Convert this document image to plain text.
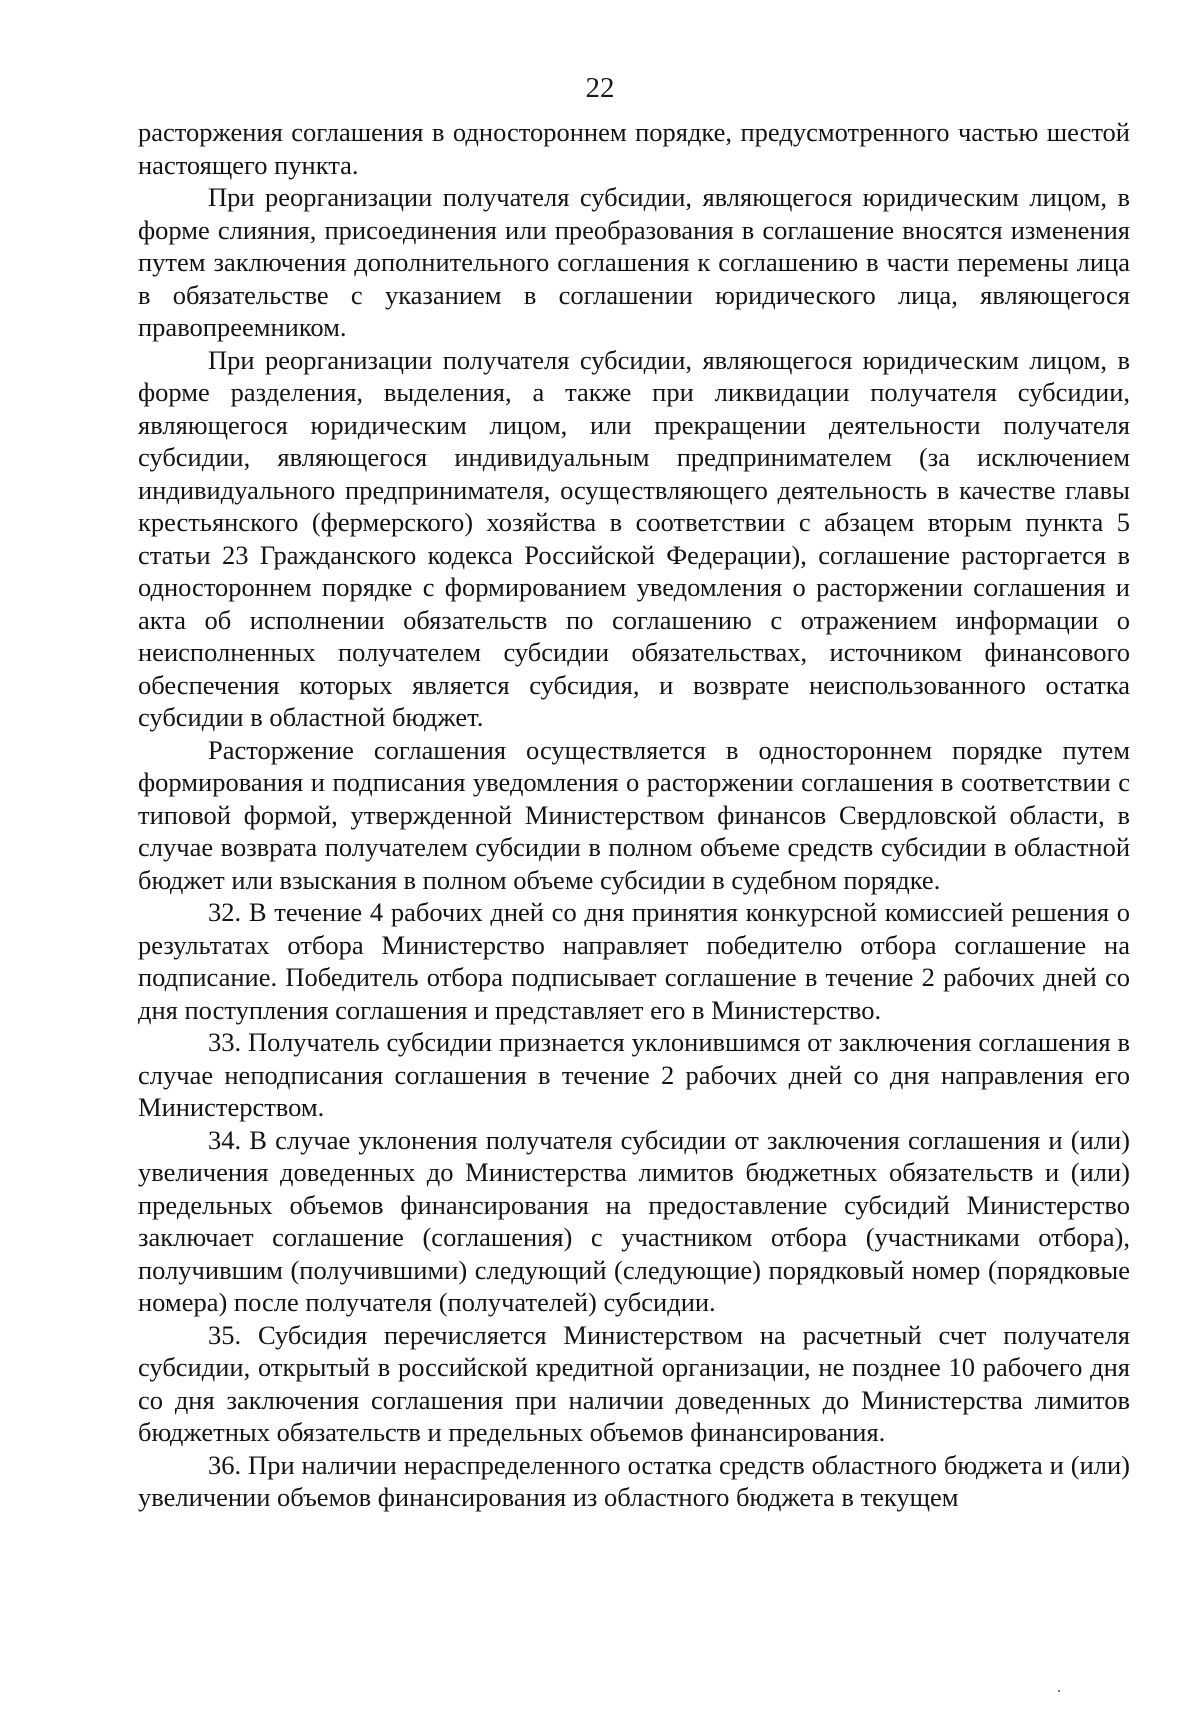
22

расторжения соглашения в одностороннем порядке, предусмотренного частью шестой настоящего пункта.

При реорганизации получателя субсидии, являющегося юридическим лицом, в форме слияния, присоединения или преобразования в соглашение вносятся изменения путем заключения дополнительного соглашения к соглашению в части перемены лица в обязательстве с указанием в соглашении юридического лица, являющегося правопреемником.

При реорганизации получателя субсидии, являющегося юридическим лицом, в форме разделения, выделения, а также при ликвидации получателя субсидии, являющегося юридическим лицом, или прекращении деятельности получателя субсидии, являющегося индивидуальным предпринимателем (за исключением индивидуального предпринимателя, осуществляющего деятельность в качестве главы крестьянского (фермерского) хозяйства в соответствии с абзацем вторым пункта 5 статьи 23 Гражданского кодекса Российской Федерации), соглашение расторгается в одностороннем порядке с формированием уведомления о расторжении соглашения и акта об исполнении обязательств по соглашению с отражением информации о неисполненных получателем субсидии обязательствах, источником финансового обеспечения которых является субсидия, и возврате неиспользованного остатка субсидии в областной бюджет.

Расторжение соглашения осуществляется в одностороннем порядке путем формирования и подписания уведомления о расторжении соглашения в соответствии с типовой формой, утвержденной Министерством финансов Свердловской области, в случае возврата получателем субсидии в полном объеме средств субсидии в областной бюджет или взыскания в полном объеме субсидии в судебном порядке.

32. В течение 4 рабочих дней со дня принятия конкурсной комиссией решения о результатах отбора Министерство направляет победителю отбора соглашение на подписание. Победитель отбора подписывает соглашение в течение 2 рабочих дней со дня поступления соглашения и представляет его в Министерство.

33. Получатель субсидии признается уклонившимся от заключения соглашения в случае неподписания соглашения в течение 2 рабочих дней со дня направления его Министерством.

34. В случае уклонения получателя субсидии от заключения соглашения и (или) увеличения доведенных до Министерства лимитов бюджетных обязательств и (или) предельных объемов финансирования на предоставление субсидий Министерство заключает соглашение (соглашения) с участником отбора (участниками отбора), получившим (получившими) следующий (следующие) порядковый номер (порядковые номера) после получателя (получателей) субсидии.

35. Субсидия перечисляется Министерством на расчетный счет получателя субсидии, открытый в российской кредитной организации, не позднее 10 рабочего дня со дня заключения соглашения при наличии доведенных до Министерства лимитов бюджетных обязательств и предельных объемов финансирования.

36. При наличии нераспределенного остатка средств областного бюджета и (или) увеличении объемов финансирования из областного бюджета в текущем
